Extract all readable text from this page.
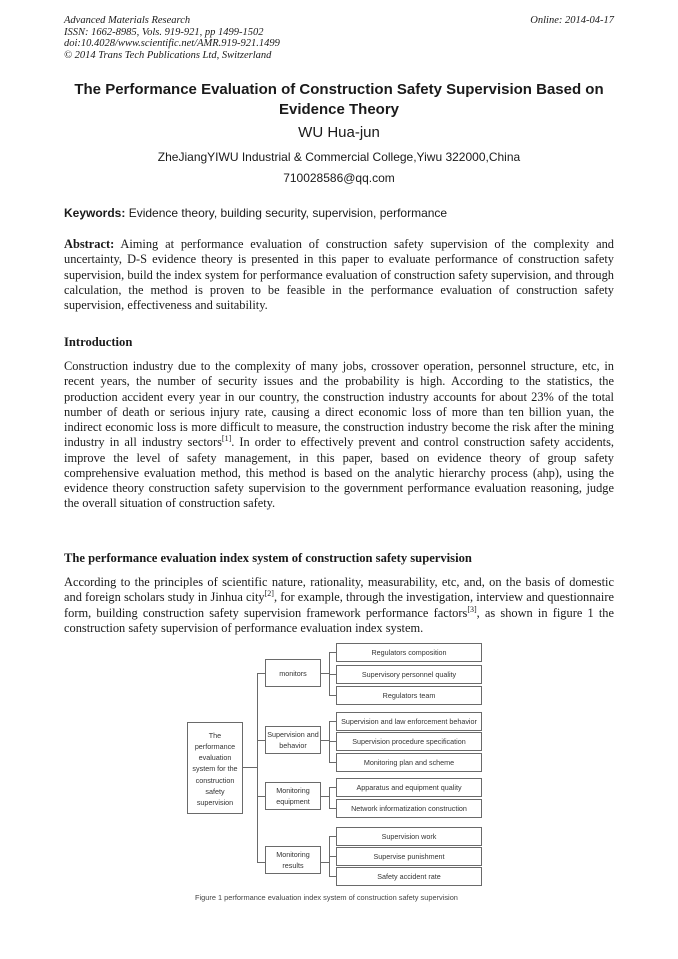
Advanced Materials Research
ISSN: 1662-8985, Vols. 919-921, pp 1499-1502
doi:10.4028/www.scientific.net/AMR.919-921.1499
© 2014 Trans Tech Publications Ltd, Switzerland
Online: 2014-04-17
The Performance Evaluation of Construction Safety Supervision Based on Evidence Theory
WU Hua-jun
ZheJiangYIWU Industrial & Commercial College,Yiwu 322000,China
710028586@qq.com
Keywords: Evidence theory, building security, supervision, performance
Abstract: Aiming at performance evaluation of construction safety supervision of the complexity and uncertainty, D-S evidence theory is presented in this paper to evaluate performance of construction safety supervision, build the index system for performance evaluation of construction safety supervision, and through calculation, the method is proven to be feasible in the performance evaluation of construction safety supervision, effectiveness and suitability.
Introduction
Construction industry due to the complexity of many jobs, crossover operation, personnel structure, etc, in recent years, the number of security issues and the probability is high. According to the statistics, the production accident every year in our country, the construction industry accounts for about 23% of the total number of death or serious injury rate, causing a direct economic loss of more than ten billion yuan, the indirect economic loss is more difficult to measure, the construction industry become the risk after the mining industry in all industry sectors[1]. In order to effectively prevent and control construction safety accidents, improve the level of safety management, in this paper, based on evidence theory of group safety comprehensive evaluation method, this method is based on the analytic hierarchy process (ahp), using the evidence theory construction safety supervision to the government performance evaluation reasoning, judge the overall situation of construction safety.
The performance evaluation index system of construction safety supervision
According to the principles of scientific nature, rationality, measurability, etc, and, on the basis of domestic and foreign scholars study in Jinhua city[2], for example, through the investigation, interview and questionnaire form, building construction safety supervision framework performance factors[3], as shown in figure 1 the construction safety supervision of performance evaluation index system.
The performance evaluation system for the construction safety supervision
monitors
Supervision and behavior
Monitoring equipment
Monitoring results
Regulators composition
Supervisory personnel quality
Regulators team
Supervision and law enforcement behavior
Supervision procedure specification
Monitoring plan and scheme
Apparatus and equipment quality
Network informatization construction
Supervision work
Supervise punishment
Safety accident rate
Figure 1 performance evaluation index system of construction safety supervision
